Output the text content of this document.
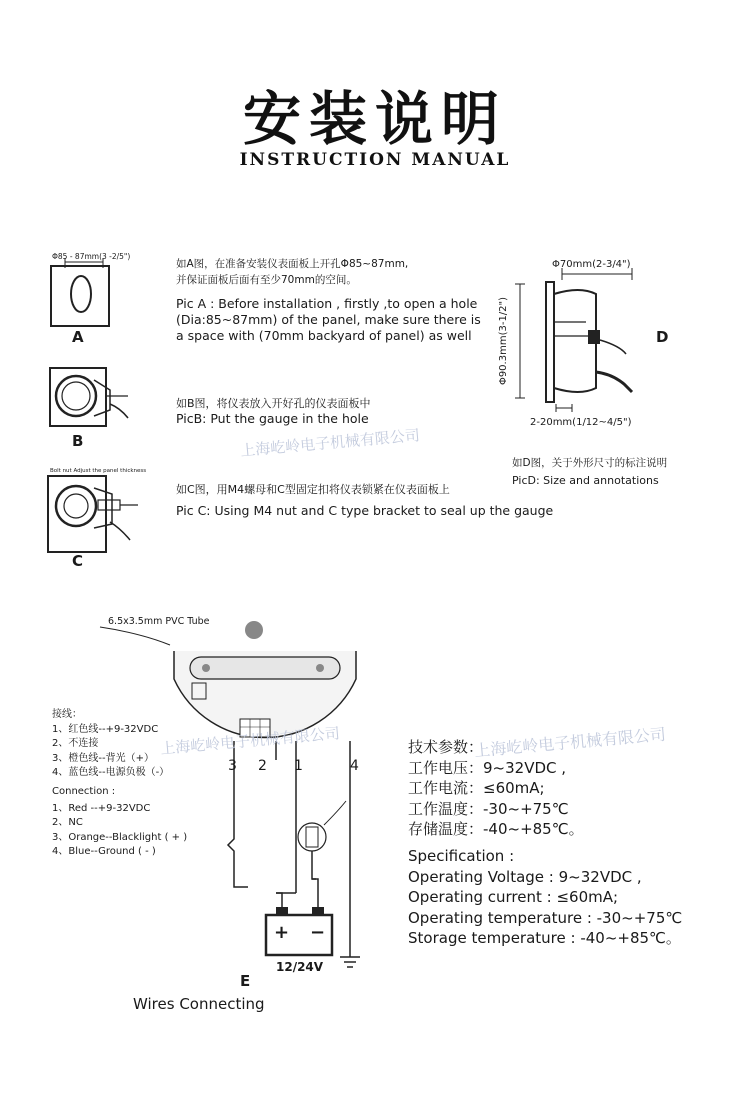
安装说明
INSTRUCTION MANUAL
Φ85 - 87mm(3 -2/5")
A
如A图，在准备安装仪表面板上开孔Φ85~87mm,
并保证面板后面有至少70mm的空间。
Pic A : Before installation , firstly ,to open a hole
(Dia:85~87mm) of the panel, make sure there is
a space with (70mm backyard of panel) as well
Φ70mm(2-3/4")
Φ90.3mm(3-1/2")
2-20mm(1/12~4/5")
D
如D图，关于外形尺寸的标注说明
PicD: Size and annotations
B
如B图，将仪表放入开好孔的仪表面板中
PicB: Put the gauge in the hole
上海屹岭电子机械有限公司
Bolt nut Adjust the panel thickness
C
如C图，用M4螺母和C型固定扣将仪表锁紧在仪表面板上
Pic C: Using M4 nut and C type bracket to seal up the gauge
6.5x3.5mm PVC Tube
3 2 1	4
+ −
12/24V
E
Wires Connecting
接线：
1、红色线--+9-32VDC
2、不连接
3、橙色线--背光（+）
4、蓝色线--电源负极（-）
Connection :
1、Red --+9-32VDC
2、NC
3、Orange--Blacklight ( + )
4、Blue--Ground ( - )
上海屹岭电子机械有限公司	上海屹岭电子机械有限公司
技术参数：
工作电压：9~32VDC ,
工作电流：≤60mA;
工作温度：-30~+75℃
存储温度：-40~+85℃。
Specification :
Operating Voltage : 9~32VDC ,
Operating current : ≤60mA;
Operating temperature : -30~+75℃
Storage temperature : -40~+85℃。
